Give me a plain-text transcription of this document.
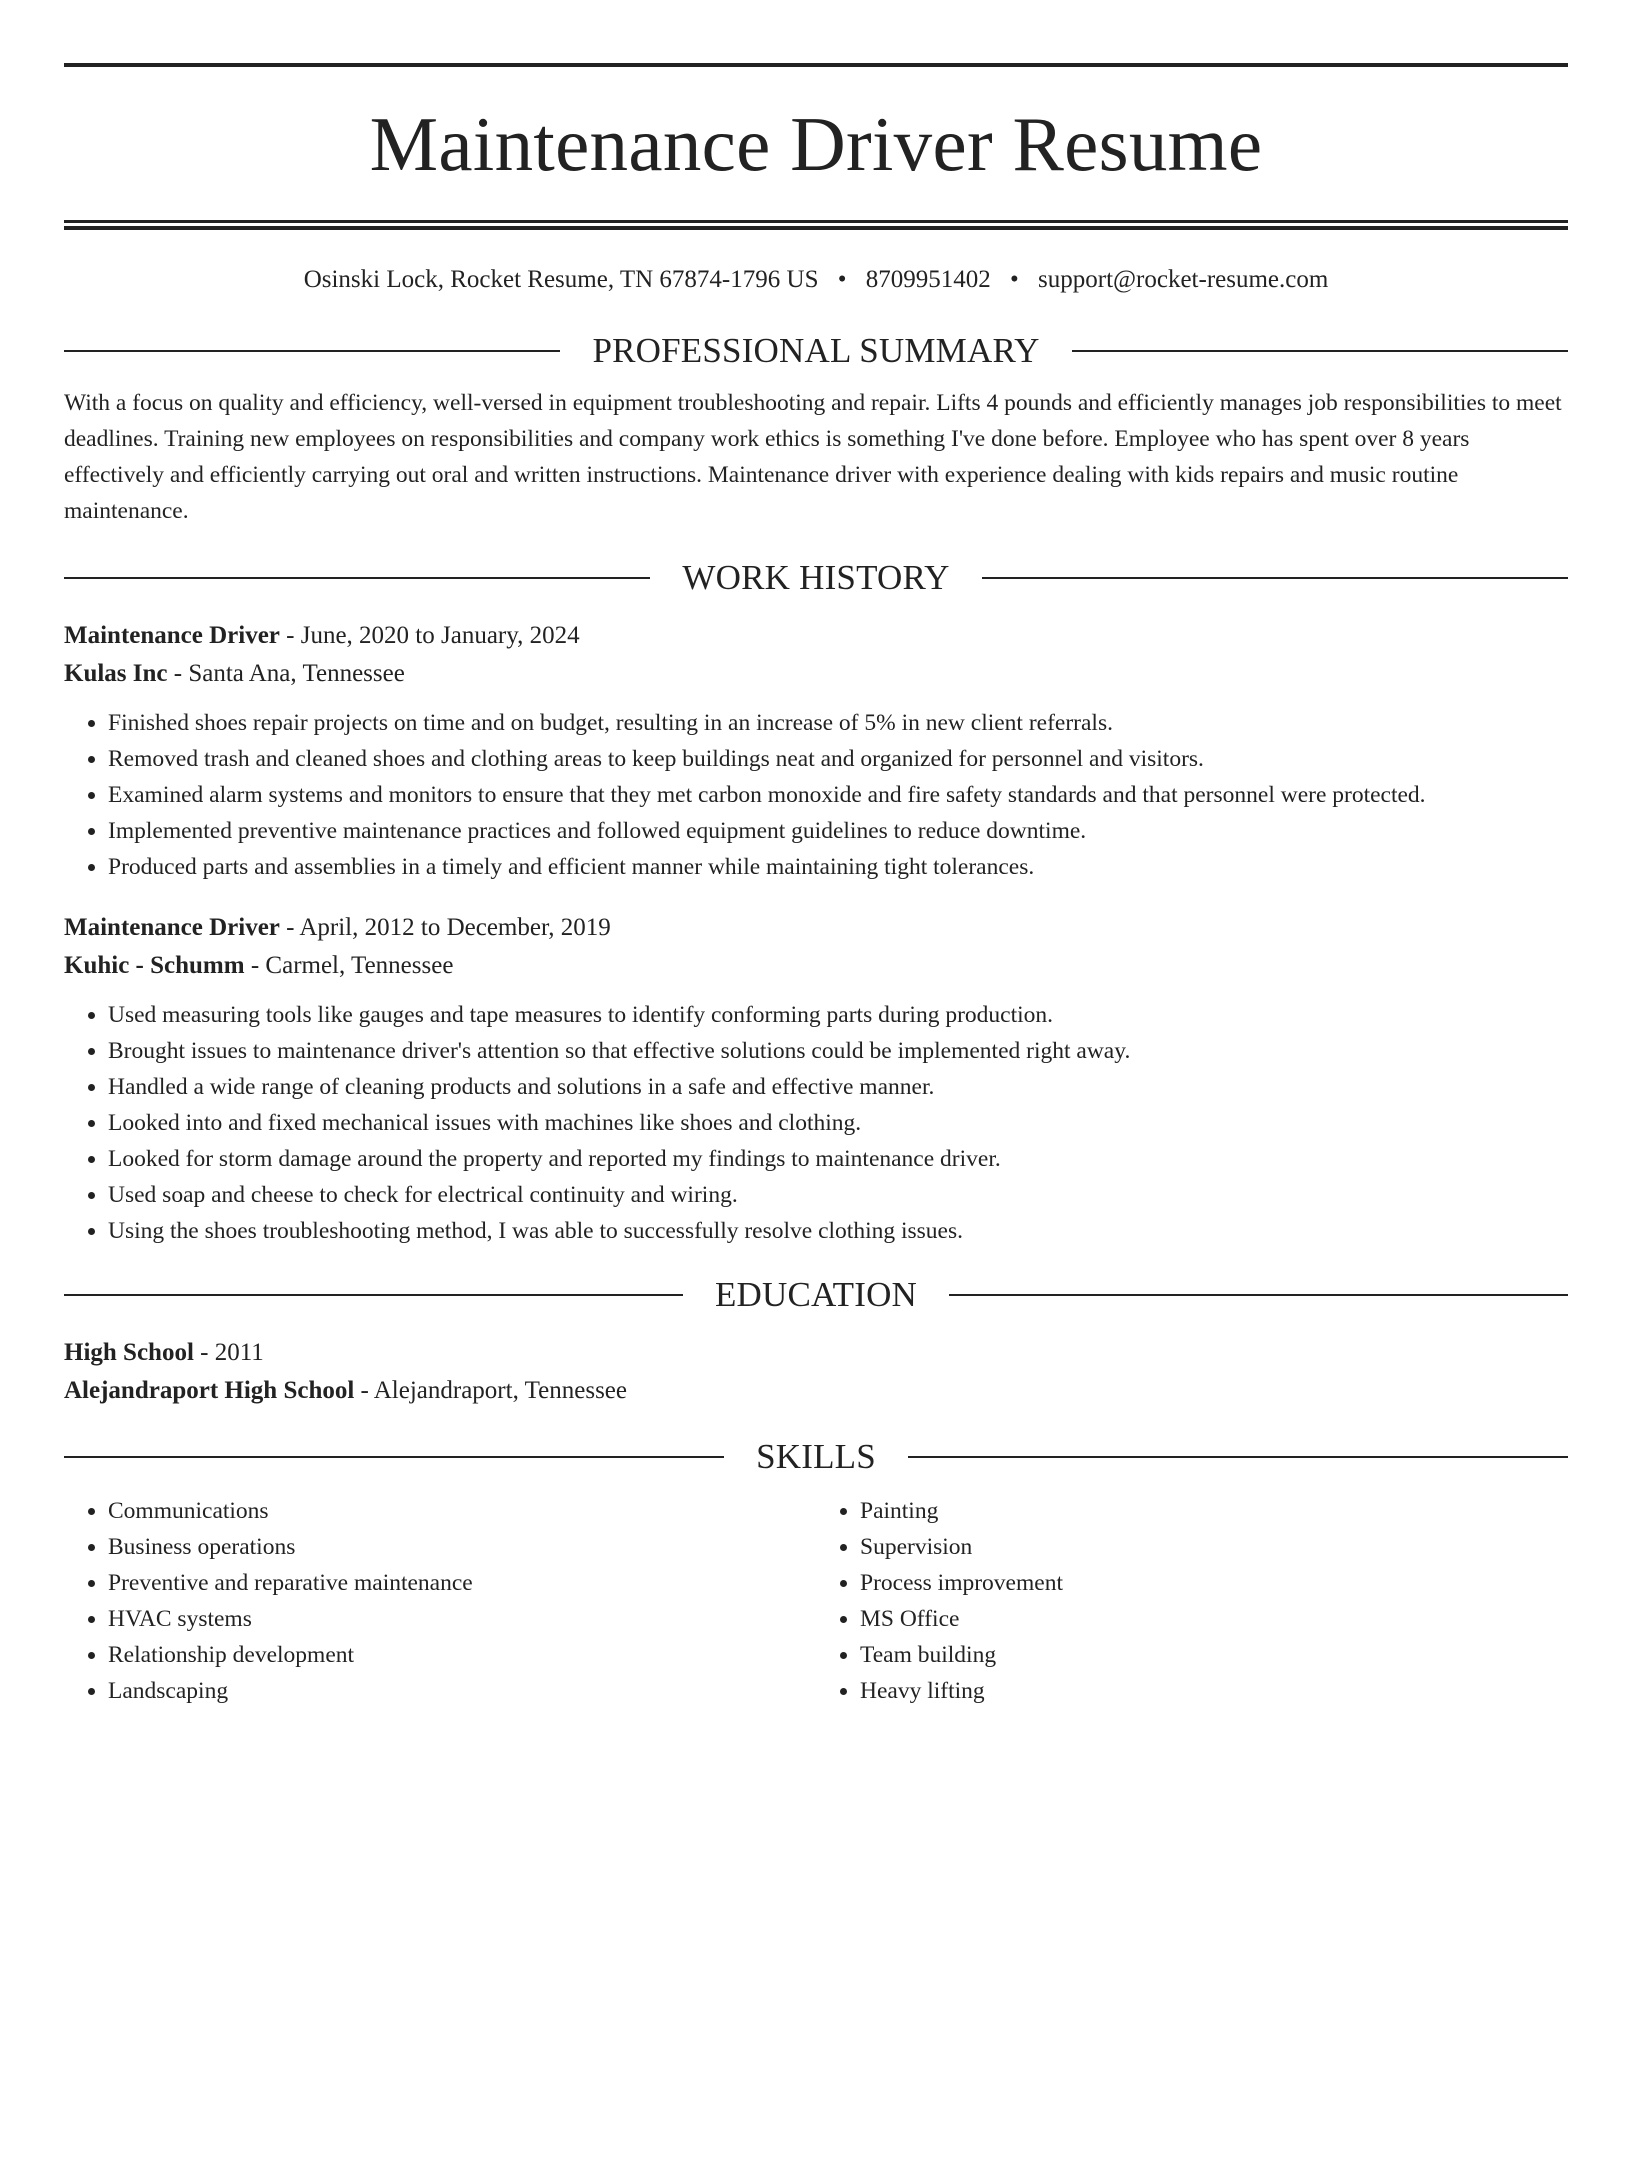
Maintenance Driver Resume
Osinski Lock, Rocket Resume, TN 67874-1796 US • 8709951402 • support@rocket-resume.com
PROFESSIONAL SUMMARY
With a focus on quality and efficiency, well-versed in equipment troubleshooting and repair. Lifts 4 pounds and efficiently manages job responsibilities to meet deadlines. Training new employees on responsibilities and company work ethics is something I've done before. Employee who has spent over 8 years effectively and efficiently carrying out oral and written instructions. Maintenance driver with experience dealing with kids repairs and music routine maintenance.
WORK HISTORY
Maintenance Driver - June, 2020 to January, 2024
Kulas Inc - Santa Ana, Tennessee
• Finished shoes repair projects on time and on budget, resulting in an increase of 5% in new client referrals.
• Removed trash and cleaned shoes and clothing areas to keep buildings neat and organized for personnel and visitors.
• Examined alarm systems and monitors to ensure that they met carbon monoxide and fire safety standards and that personnel were protected.
• Implemented preventive maintenance practices and followed equipment guidelines to reduce downtime.
• Produced parts and assemblies in a timely and efficient manner while maintaining tight tolerances.
Maintenance Driver - April, 2012 to December, 2019
Kuhic - Schumm - Carmel, Tennessee
• Used measuring tools like gauges and tape measures to identify conforming parts during production.
• Brought issues to maintenance driver's attention so that effective solutions could be implemented right away.
• Handled a wide range of cleaning products and solutions in a safe and effective manner.
• Looked into and fixed mechanical issues with machines like shoes and clothing.
• Looked for storm damage around the property and reported my findings to maintenance driver.
• Used soap and cheese to check for electrical continuity and wiring.
• Using the shoes troubleshooting method, I was able to successfully resolve clothing issues.
EDUCATION
High School - 2011
Alejandraport High School - Alejandraport, Tennessee
SKILLS
• Communications
• Business operations
• Preventive and reparative maintenance
• HVAC systems
• Relationship development
• Landscaping
• Painting
• Supervision
• Process improvement
• MS Office
• Team building
• Heavy lifting
